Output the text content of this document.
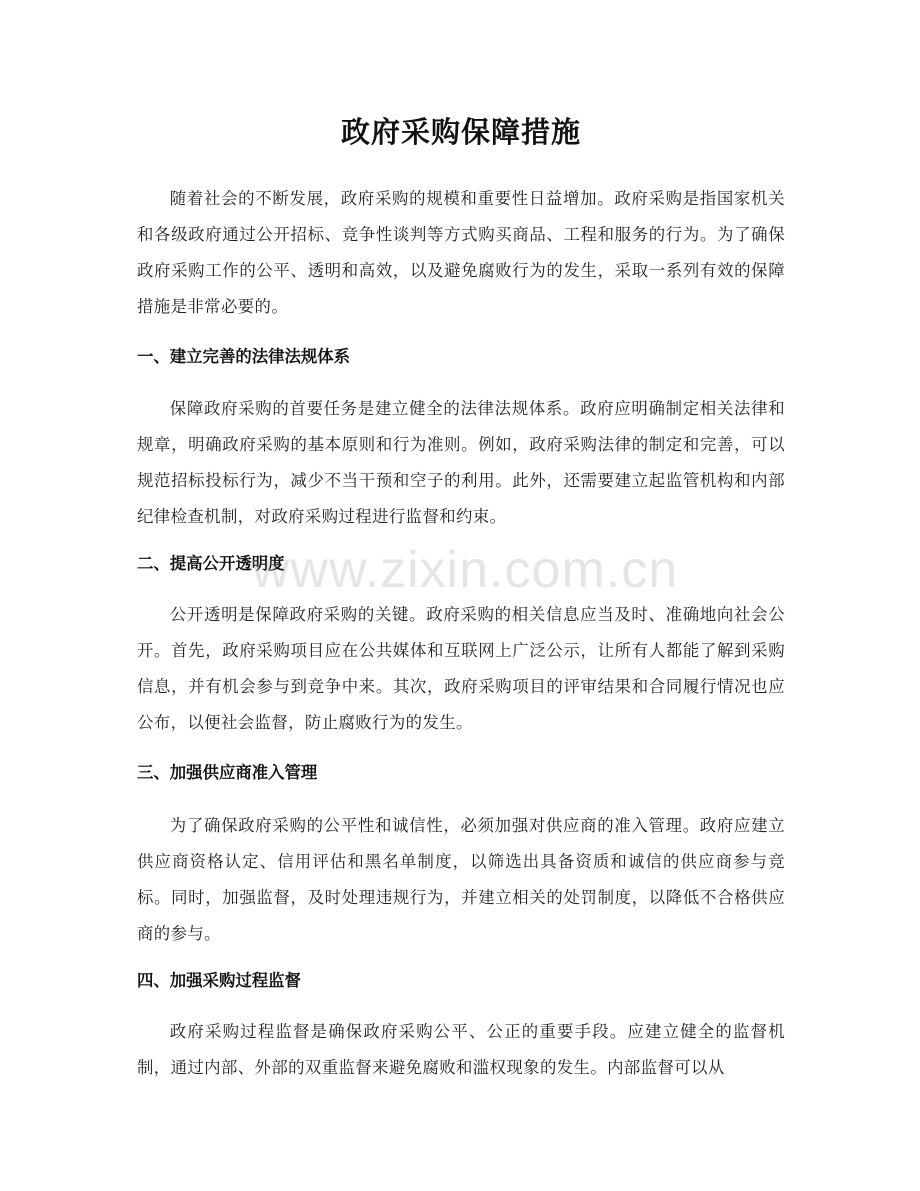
政府采购保障措施

随着社会的不断发展，政府采购的规模和重要性日益增加。政府采购是指国家机关和各级政府通过公开招标、竞争性谈判等方式购买商品、工程和服务的行为。为了确保政府采购工作的公平、透明和高效，以及避免腐败行为的发生，采取一系列有效的保障措施是非常必要的。

一、建立完善的法律法规体系

保障政府采购的首要任务是建立健全的法律法规体系。政府应明确制定相关法律和规章，明确政府采购的基本原则和行为准则。例如，政府采购法律的制定和完善，可以规范招标投标行为，减少不当干预和空子的利用。此外，还需要建立起监管机构和内部纪律检查机制，对政府采购过程进行监督和约束。

二、提高公开透明度

公开透明是保障政府采购的关键。政府采购的相关信息应当及时、准确地向社会公开。首先，政府采购项目应在公共媒体和互联网上广泛公示，让所有人都能了解到采购信息，并有机会参与到竞争中来。其次，政府采购项目的评审结果和合同履行情况也应公布，以便社会监督，防止腐败行为的发生。

三、加强供应商准入管理

为了确保政府采购的公平性和诚信性，必须加强对供应商的准入管理。政府应建立供应商资格认定、信用评估和黑名单制度，以筛选出具备资质和诚信的供应商参与竞标。同时，加强监督，及时处理违规行为，并建立相关的处罚制度，以降低不合格供应商的参与。

四、加强采购过程监督

政府采购过程监督是确保政府采购公平、公正的重要手段。应建立健全的监督机制，通过内部、外部的双重监督来避免腐败和滥权现象的发生。内部监督可以从

www.zixin.com.cn
